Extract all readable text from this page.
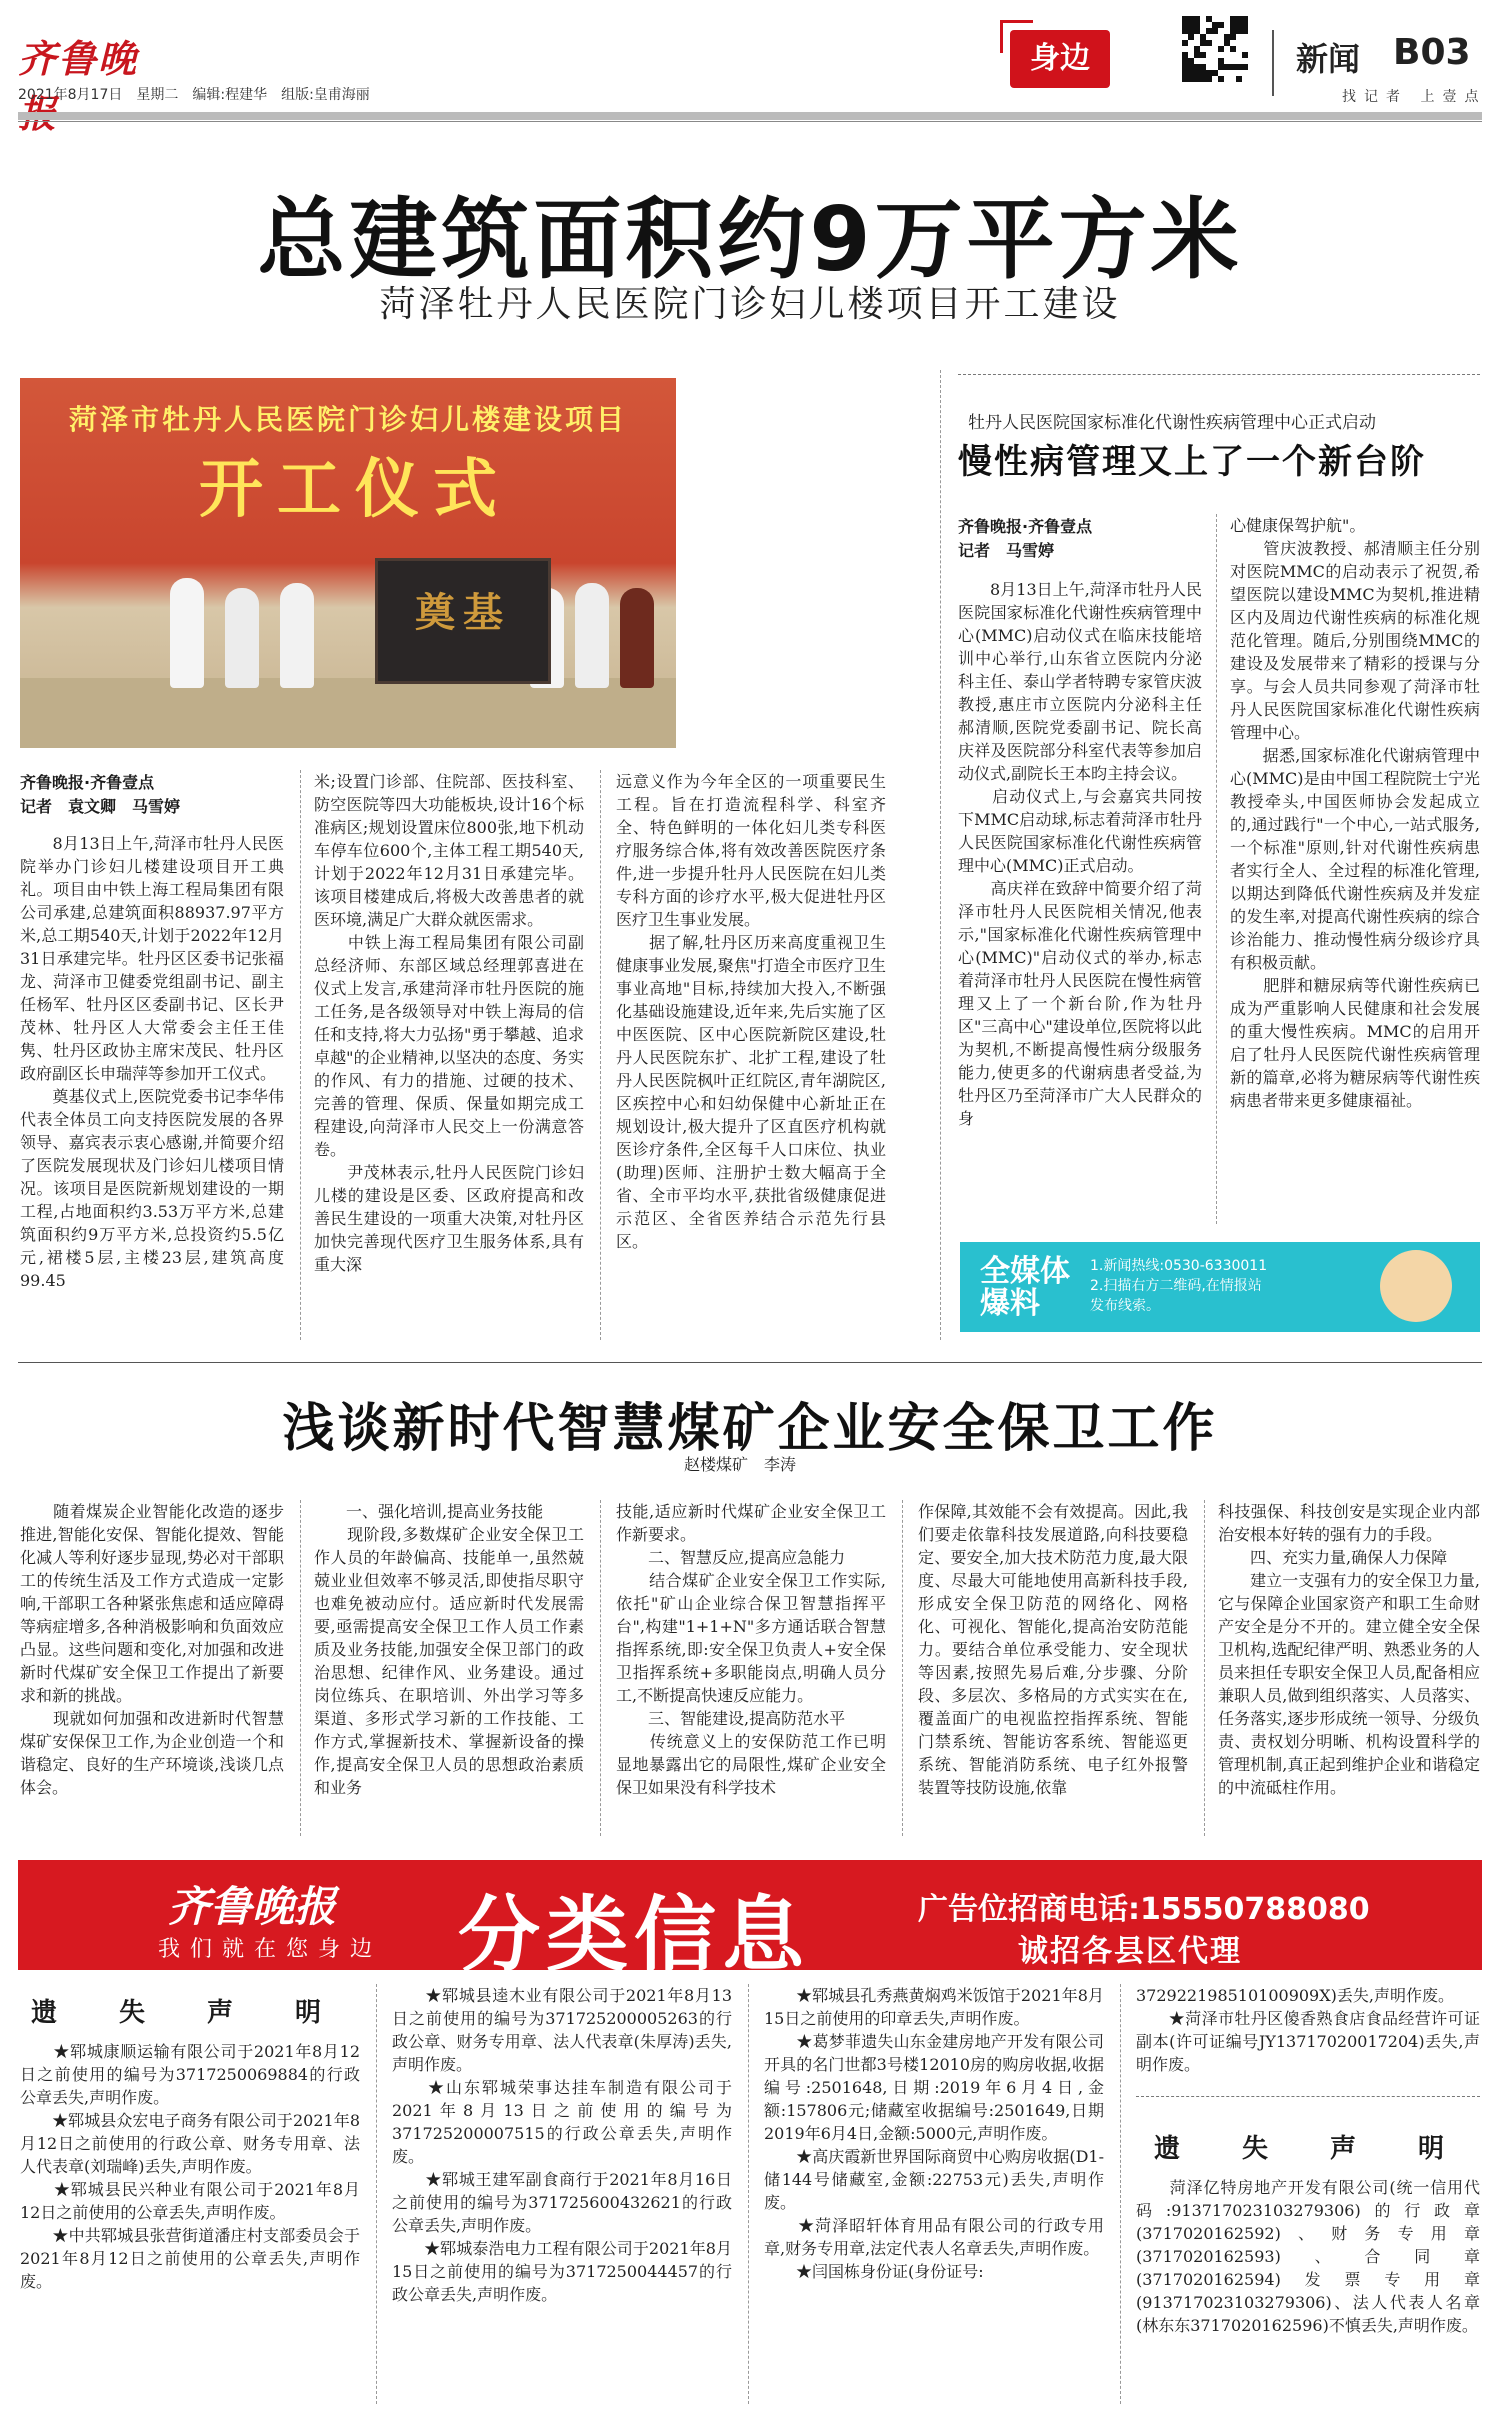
齐鲁晚
2021年8月17日　星期二　编辑:程建华　组版:皇甫海丽
身边	新闻 B03
找记者 上壹点
总建筑面积约9万平方米
菏泽牡丹人民医院门诊妇儿楼项目开工建设
菏泽市牡丹人民医院门诊妇儿楼建设项目
开工仪式
奠基
齐鲁晚报·齐鲁壹点
记者　袁文卿　马雪婷
　　8月13日上午,菏泽市牡丹人民医院举办门诊妇儿楼建设项目开工典礼。项目由中铁上海工程局集团有限公司承建,总建筑面积88937.97平方米,总工期540天,计划于2022年12月31日承建完毕。牡丹区区委书记张福龙、菏泽市卫健委党组副书记、副主任杨军、牡丹区区委副书记、区长尹茂林、牡丹区人大常委会主任王佳隽、牡丹区政协主席宋茂民、牡丹区政府副区长申瑞萍等参加开工仪式。
　　奠基仪式上,医院党委书记李华伟代表全体员工向支持医院发展的各界领导、嘉宾表示衷心感谢,并简要介绍了医院发展现状及门诊妇儿楼项目情况。该项目是医院新规划建设的一期工程,占地面积约3.53万平方米,总建筑面积约9万平方米,总投资约5.5亿元,裙楼5层,主楼23层,建筑高度99.45
米;设置门诊部、住院部、医技科室、防空医院等四大功能板块,设计16个标准病区;规划设置床位800张,地下机动车停车位600个,主体工程工期540天,计划于2022年12月31日承建完毕。该项目楼建成后,将极大改善患者的就医环境,满足广大群众就医需求。
　　中铁上海工程局集团有限公司副总经济师、东部区域总经理郭喜进在仪式上发言,承建菏泽市牡丹医院的施工任务,是各级领导对中铁上海局的信任和支持,将大力弘扬"勇于攀越、追求卓越"的企业精神,以坚决的态度、务实的作风、有力的措施、过硬的技术、完善的管理、保质、保量如期完成工程建设,向菏泽市人民交上一份满意答卷。
　　尹茂林表示,牡丹人民医院门诊妇儿楼的建设是区委、区政府提高和改善民生建设的一项重大决策,对牡丹区加快完善现代医疗卫生服务体系,具有重大深
远意义作为今年全区的一项重要民生工程。旨在打造流程科学、科室齐全、特色鲜明的一体化妇儿类专科医疗服务综合体,将有效改善医院医疗条件,进一步提升牡丹人民医院在妇儿类专科方面的诊疗水平,极大促进牡丹区医疗卫生事业发展。
　　据了解,牡丹区历来高度重视卫生健康事业发展,聚焦"打造全市医疗卫生事业高地"目标,持续加大投入,不断强化基础设施建设,近年来,先后实施了区中医医院、区中心医院新院区建设,牡丹人民医院东扩、北扩工程,建设了牡丹人民医院枫叶正红院区,青年湖院区,区疾控中心和妇幼保健中心新址正在规划设计,极大提升了区直医疗机构就医诊疗条件,全区每千人口床位、执业(助理)医师、注册护士数大幅高于全省、全市平均水平,获批省级健康促进示范区、全省医养结合示范先行县区。
牡丹人民医院国家标准化代谢性疾病管理中心正式启动
慢性病管理又上了一个新台阶
齐鲁晚报·齐鲁壹点
记者　马雪婷
　　8月13日上午,菏泽市牡丹人民医院国家标准化代谢性疾病管理中心(MMC)启动仪式在临床技能培训中心举行,山东省立医院内分泌科主任、泰山学者特聘专家管庆波教授,惠庄市立医院内分泌科主任郝清顺,医院党委副书记、院长高庆祥及医院部分科室代表等参加启动仪式,副院长王本昀主持会议。
　　启动仪式上,与会嘉宾共同按下MMC启动球,标志着菏泽市牡丹人民医院国家标准化代谢性疾病管理中心(MMC)正式启动。
　　高庆祥在致辞中简要介绍了菏泽市牡丹人民医院相关情况,他表示,"国家标准化代谢性疾病管理中心(MMC)"启动仪式的举办,标志着菏泽市牡丹人民医院在慢性病管理又上了一个新台阶,作为牡丹区"三高中心"建设单位,医院将以此为契机,不断提高慢性病分级服务能力,使更多的代谢病患者受益,为牡丹区乃至菏泽市广大人民群众的身
心健康保驾护航"。
　　管庆波教授、郝清顺主任分别对医院MMC的启动表示了祝贺,希望医院以建设MMC为契机,推进精区内及周边代谢性疾病的标准化规范化管理。随后,分别围绕MMC的建设及发展带来了精彩的授课与分享。与会人员共同参观了菏泽市牡丹人民医院国家标准化代谢性疾病管理中心。
　　据悉,国家标准化代谢病管理中心(MMC)是由中国工程院院士宁光教授牵头,中国医师协会发起成立的,通过践行"一个中心,一站式服务,一个标准"原则,针对代谢性疾病患者实行全人、全过程的标准化管理,以期达到降低代谢性疾病及并发症的发生率,对提高代谢性疾病的综合诊治能力、推动慢性病分级诊疗具有积极贡献。
　　肥胖和糖尿病等代谢性疾病已成为严重影响人民健康和社会发展的重大慢性疾病。MMC的启用开启了牡丹人民医院代谢性疾病管理新的篇章,必将为糖尿病等代谢性疾病患者带来更多健康福祉。
全媒体
爆料
1.新闻热线:0530-6330011
2.扫描右方二维码,在情报站
发布线索。
浅谈新时代智慧煤矿企业安全保卫工作
赵楼煤矿　李涛
　　随着煤炭企业智能化改造的逐步推进,智能化安保、智能化提效、智能化减人等利好逐步显现,势必对干部职工的传统生活及工作方式造成一定影响,干部职工各种紧张焦虑和适应障碍等病症增多,各种消极影响和负面效应凸显。这些问题和变化,对加强和改进新时代煤矿安全保卫工作提出了新要求和新的挑战。
　　现就如何加强和改进新时代智慧煤矿安保保卫工作,为企业创造一个和谐稳定、良好的生产环境谈,浅谈几点体会。
　　一、强化培训,提高业务技能
　　现阶段,多数煤矿企业安全保卫工作人员的年龄偏高、技能单一,虽然兢兢业业但效率不够灵活,即使指尽职守也难免被动应付。适应新时代发展需要,亟需提高安全保卫工作人员工作素质及业务技能,加强安全保卫部门的政治思想、纪律作风、业务建设。通过岗位练兵、在职培训、外出学习等多渠道、多形式学习新的工作技能、工作方式,掌握新技术、掌握新设备的操作,提高安全保卫人员的思想政治素质和业务
技能,适应新时代煤矿企业安全保卫工作新要求。
　　二、智慧反应,提高应急能力
　　结合煤矿企业安全保卫工作实际,依托"矿山企业综合保卫智慧指挥平台",构建"1+1+N"多方通话联合智慧指挥系统,即:安全保卫负责人+安全保卫指挥系统+多职能岗点,明确人员分工,不断提高快速反应能力。
　　三、智能建设,提高防范水平
　　传统意义上的安保防范工作已明显地暴露出它的局限性,煤矿企业安全保卫如果没有科学技术
作保障,其效能不会有效提高。因此,我们要走依靠科技发展道路,向科技要稳定、要安全,加大技术防范力度,最大限度、尽最大可能地使用高新科技手段,形成安全保卫防范的网络化、网格化、可视化、智能化,提高治安防范能力。要结合单位承受能力、安全现状等因素,按照先易后难,分步骤、分阶段、多层次、多格局的方式实实在在,覆盖面广的电视监控指挥系统、智能门禁系统、智能访客系统、智能巡更系统、智能消防系统、电子红外报警装置等技防设施,依靠
科技强保、科技创安是实现企业内部治安根本好转的强有力的手段。
　　四、充实力量,确保人力保障
　　建立一支强有力的安全保卫力量,它与保障企业国家资产和职工生命财产安全是分不开的。建立健全安全保卫机构,选配纪律严明、熟悉业务的人员来担任专职安全保卫人员,配备相应兼职人员,做到组织落实、人员落实、任务落实,逐步形成统一领导、分级负责、责权划分明晰、机构设置科学的管理机制,真正起到维护企业和谐稳定的中流砥柱作用。
齐鲁晚报
我们就在您身边 分类信息	广告位招商电话:15550788080
诚招各县区代理
遗　失　声　明
　　★郓城康顺运输有限公司于2021年8月12日之前使用的编号为3717250069884的行政公章丢失,声明作废。
　　★郓城县众宏电子商务有限公司于2021年8月12日之前使用的行政公章、财务专用章、法人代表章(刘瑞峰)丢失,声明作废。
　　★郓城县民兴种业有限公司于2021年8月12日之前使用的公章丢失,声明作废。
　　★中共郓城县张营街道潘庄村支部委员会于2021年8月12日之前使用的公章丢失,声明作废。
　　★郓城县逵木业有限公司于2021年8月13日之前使用的编号为371725200005263的行政公章、财务专用章、法人代表章(朱厚涛)丢失,声明作废。
　　★山东郓城荣事达挂车制造有限公司于2021年8月13日之前使用的编号为371725200007515的行政公章丢失,声明作废。
　　★郓城王建军副食商行于2021年8月16日之前使用的编号为371725600432621的行政公章丢失,声明作废。
　　★郓城泰浩电力工程有限公司于2021年8月15日之前使用的编号为3717250044457的行政公章丢失,声明作废。
　　★郓城县孔秀燕黄焖鸡米饭馆于2021年8月15日之前使用的印章丢失,声明作废。
　　★葛梦菲遗失山东金建房地产开发有限公司开具的名门世都3号楼12010房的购房收据,收据编号:2501648,日期:2019年6月4日,金额:157806元;储藏室收据编号:2501649,日期2019年6月4日,金额:5000元,声明作废。
　　★高庆霞新世界国际商贸中心购房收据(D1-储144号储藏室,金额:22753元)丢失,声明作废。
　　★菏泽昭轩体育用品有限公司的行政专用章,财务专用章,法定代表人名章丢失,声明作废。
　　★闫国栋身份证(身份证号:
372922198510100909X)丢失,声明作废。
　　★菏泽市牡丹区傻香熟食店食品经营许可证副本(许可证编号JY13717020017204)丢失,声明作废。
遗　失　声　明
　　菏泽亿特房地产开发有限公司(统一信用代码:91371702310327930​6)的行政章(3717020162592)、财务专用章(3717020162593)、合同章(3717020162594)发票专用章(91371702310327930​6)、法人代表人名章(林东东3717020162596)不慎丢失,声明作废。
